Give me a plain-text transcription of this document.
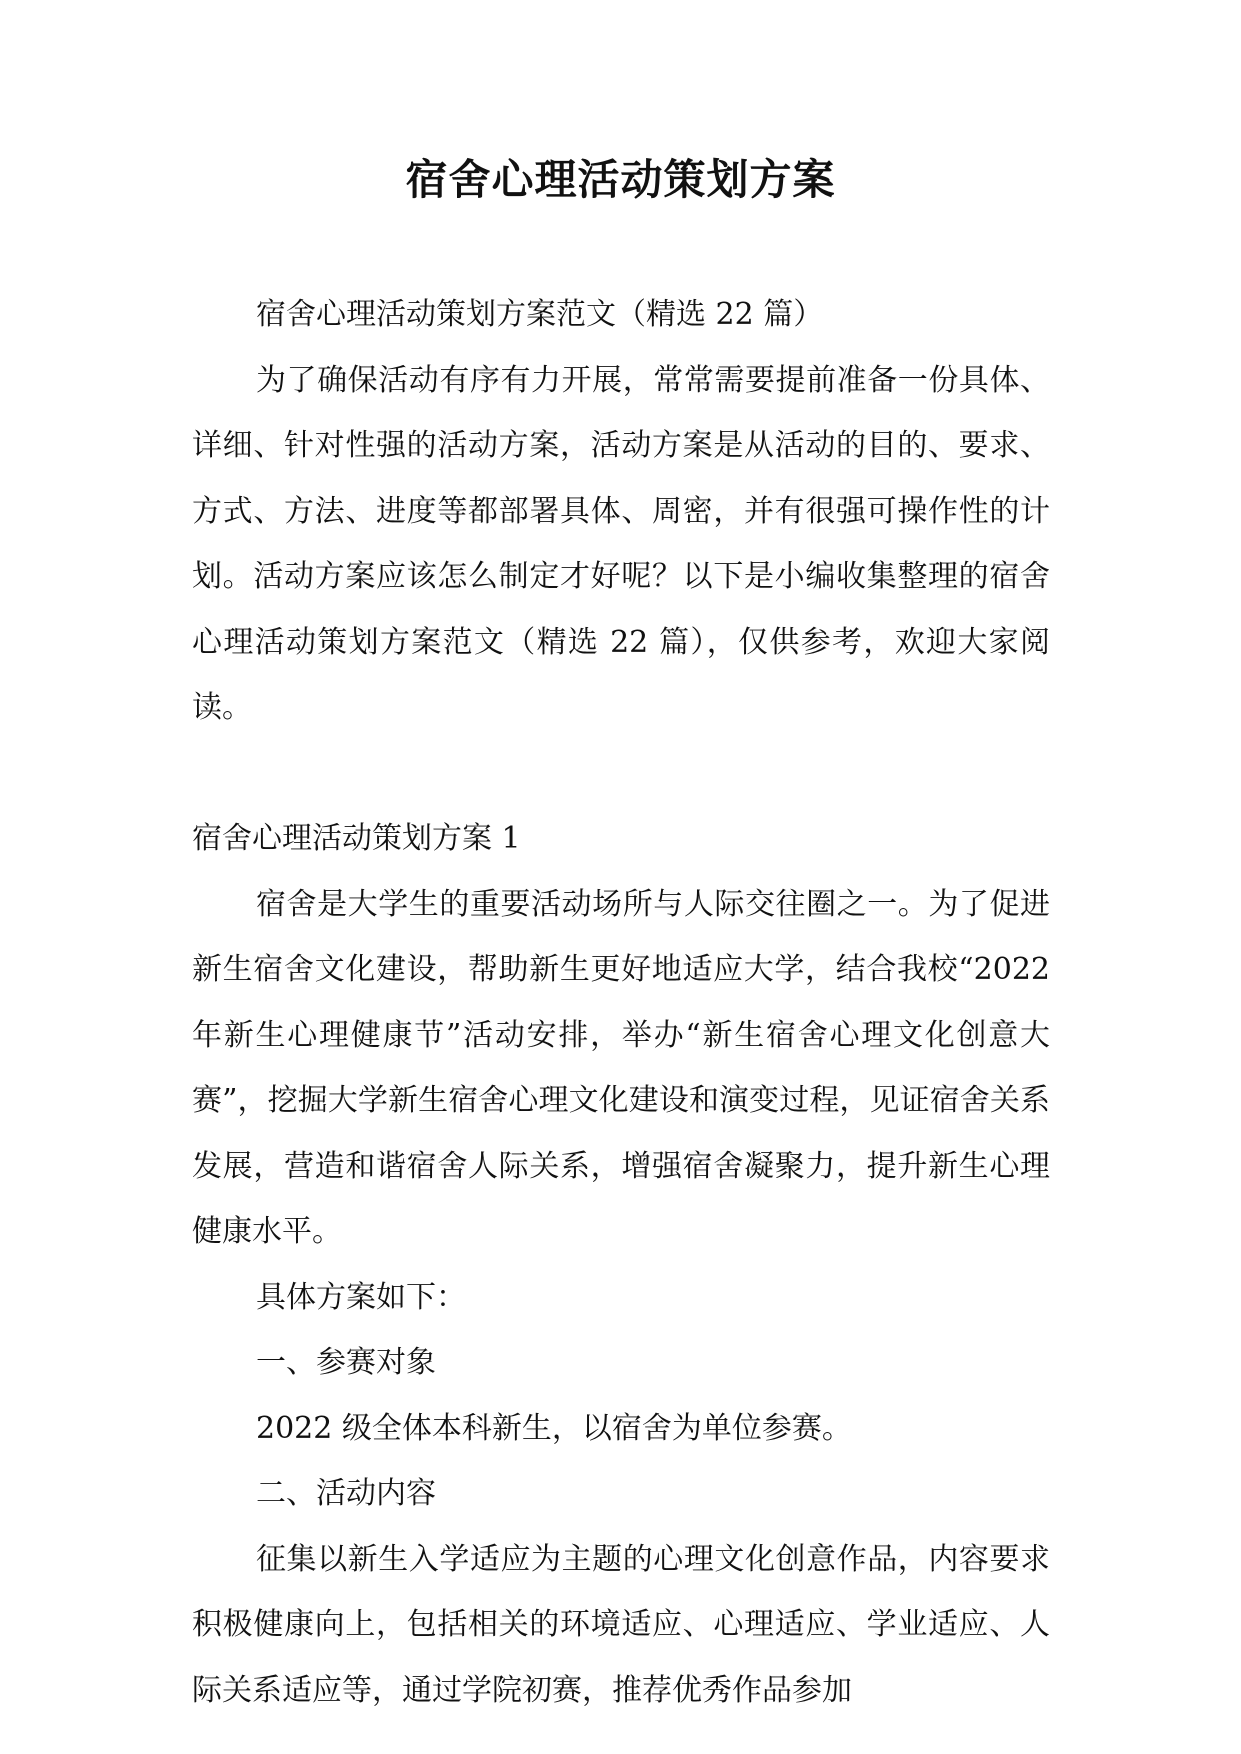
宿舍心理活动策划方案

宿舍心理活动策划方案范文（精选 22 篇）

为了确保活动有序有力开展，常常需要提前准备一份具体、详细、针对性强的活动方案，活动方案是从活动的目的、要求、方式、方法、进度等都部署具体、周密，并有很强可操作性的计划。活动方案应该怎么制定才好呢？以下是小编收集整理的宿舍心理活动策划方案范文（精选 22 篇），仅供参考，欢迎大家阅读。

宿舍心理活动策划方案 1

宿舍是大学生的重要活动场所与人际交往圈之一。为了促进新生宿舍文化建设，帮助新生更好地适应大学，结合我校“2022 年新生心理健康节”活动安排，举办“新生宿舍心理文化创意大赛”，挖掘大学新生宿舍心理文化建设和演变过程，见证宿舍关系发展，营造和谐宿舍人际关系，增强宿舍凝聚力，提升新生心理健康水平。

具体方案如下：

一、参赛对象

2022 级全体本科新生，以宿舍为单位参赛。

二、活动内容

征集以新生入学适应为主题的心理文化创意作品，内容要求积极健康向上，包括相关的环境适应、心理适应、学业适应、人际关系适应等，通过学院初赛，推荐优秀作品参加
